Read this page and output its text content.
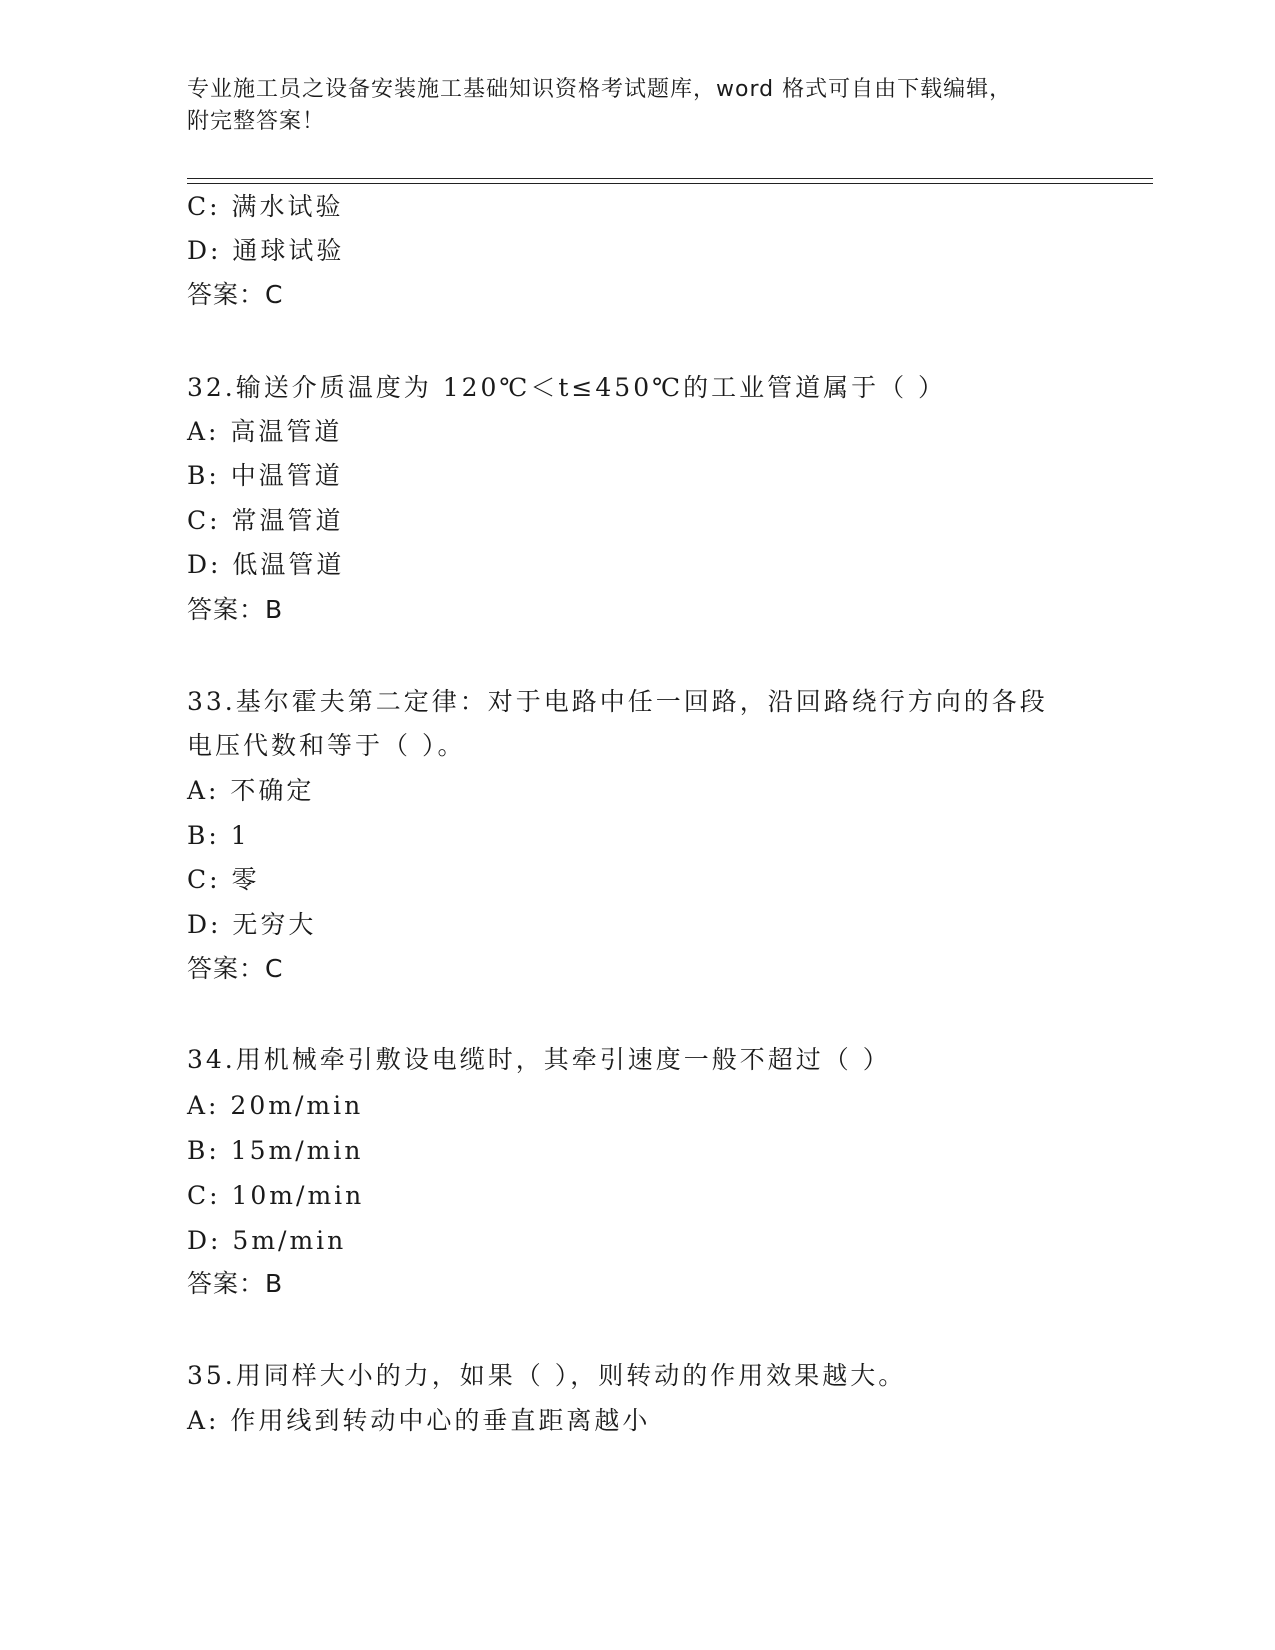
专业施工员之设备安装施工基础知识资格考试题库，word 格式可自由下载编辑，
附完整答案！
C: 满水试验
D: 通球试验
答案：C
32.输送介质温度为 120℃＜t≤450℃的工业管道属于（ ）
A: 高温管道
B: 中温管道
C: 常温管道
D: 低温管道
答案：B
33.基尔霍夫第二定律：对于电路中任一回路，沿回路绕行方向的各段
电压代数和等于（ ）。
A: 不确定
B: 1
C: 零
D: 无穷大
答案：C
34.用机械牵引敷设电缆时，其牵引速度一般不超过（ ）
A: 20m/min
B: 15m/min
C: 10m/min
D: 5m/min
答案：B
35.用同样大小的力，如果（ ），则转动的作用效果越大。
A: 作用线到转动中心的垂直距离越小
